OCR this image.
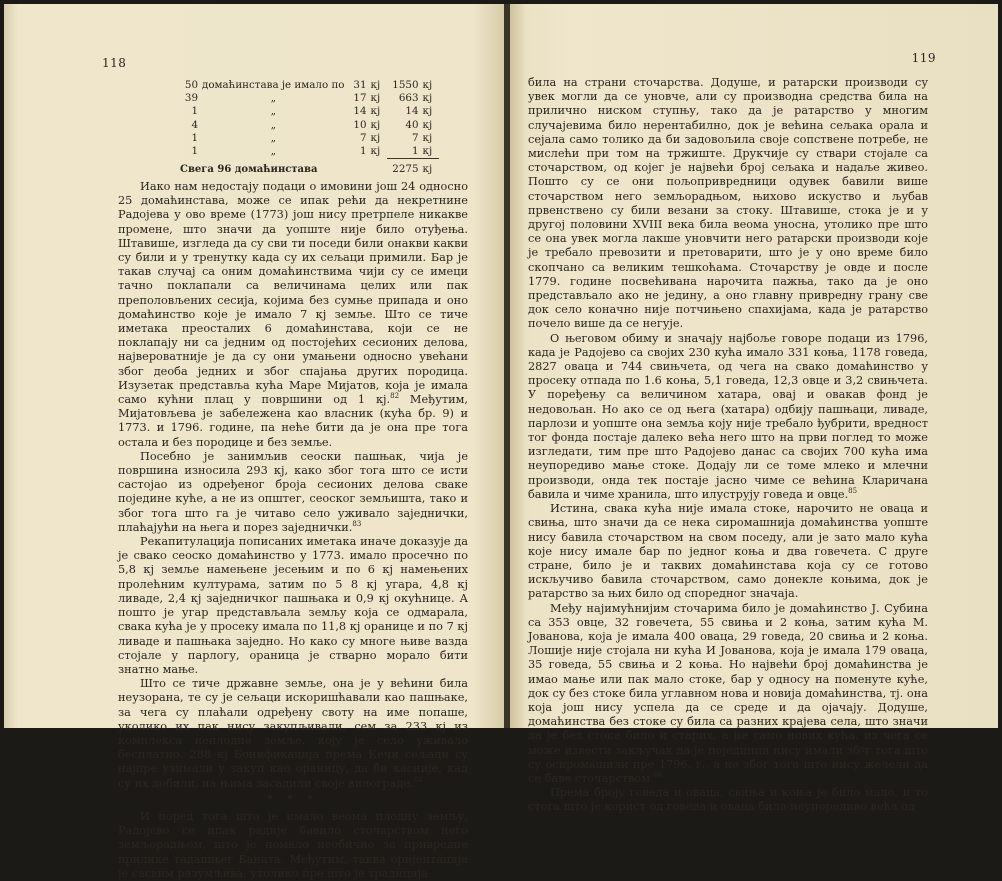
118	119
50	домаћинстава је имало по	31	кј	1550	кј
39	„	17	кј	663	кј
1	„	14	кј	14	кј
4	„	10	кј	40	кј
1	„	7	кј	7	кј
1	„	1	кј	1	кј
Свега 96 домаћинстава				2275	кј

Иако нам недостају подаци о имовини још 24 односно 25 домаћинстава, може се ипак рећи да некретнине Радојева у ово време (1773) још нису претрпеле никакве промене, што значи да уопште није било отуђења. Штавише, изгледа да су сви ти поседи били онакви какви су били и у тренутку када су их сељаци примили. Бар је такав случај са оним домаћинствима чији су се имеци тачно поклапали са величинама целих или пак преполовљених сесија, којима без сумње припада и оно домаћинство које је имало 7 кј земље. Што се тиче иметака преосталих 6 домаћинстава, који се не поклапају ни са једним од постојећих сесионих делова, највероватније је да су они умањени односно увећани због деоба једних и због спајања других породица. Изузетак представља кућа Маре Мијатов, која је имала само кућни плац у површини од 1 кј.$^{82}$ Међутим, Мијатовљева је забележена као власник (кућа бр. 9) и 1773. и 1796. године, па неће бити да је она пре тога остала и без породице и без земље.

Посебно је занимљив сеоски пашњак, чија је површина износила 293 кј, како због тога што се исти састојао из одређеног броја сесионих делова сваке поједине куће, а не из општег, сеоског земљишта, тако и због тога што га је читаво село уживало заједнички, плаћајући на њега и порез заједнички.$^{83}$

Рекапитулација пописаних иметака иначе доказује да је свако сеоско домаћинство у 1773. имало просечно по 5,8 кј земље намењене јесењим и по 6 кј намењених пролећним културама, затим по 5 8 кј угара, 4,8 кј ливаде, 2,4 кј заједничког пашњака и 0,9 кј окућнице. А пошто је угар представљала земљу која се одмарала, свака кућа је у просеку имала по 11,8 кј оранице и по 7 кј ливаде и пашњака заједно. Но како су многе њиве вазда стојале у парлогу, ораница је стварно морало бити знатно мање.

Што се тиче државне земље, она је у већини била неузорана, те су је сељаци искоришћавали као пашњаке, за чега су плаћали одређену своту на име попаше, уколико их пак нису закупљивали, сем за 233 кј из комплекса неплодне земље, коју је село уживало бесплатно. 288 кј Бонификација према Кечи сељаци су најпре узимали у закуп као ораницу, да би касније, кад су их добили, на њима засадили своје винограде.$^{84}$

* * *

И поред тога што је имало веома плодну земљу, Радојево се ипак радије бавило сточарством него земљорадњом, што је помало необично за привредне прилике тадашњег Баната. Међутим, таква оријентација је сасвим разумљива, утолико пре што је традиција

била на страни сточарства. Додуше, и ратарски производи су увек могли да се уновче, али су производна средства била на прилично ниском ступњу, тако да је ратарство у многим случајевима било нерентабилно, док је већина сељака орала и сејала само толико да би задовољила своје сопствене потребе, не мислећи при том на тржиште. Друкчије су ствари стојале са сточарством, од којег је највећи број сељака и надаље живео. Пошто су се они пољопривредници одувек бавили више сточарством него земљорадњом, њихово искуство и љубав првенствено су били везани за стоку. Штавише, стока је и у другој половини XVIII века била веома уносна, утолико пре што се она увек могла лакше уновчити него ратарски производи које је требало превозити и претоварити, што је у оно време било скопчано са великим тешкоћама. Сточарству је овде и после 1779. године посвећивана нарочита пажња, тако да је оно представљало ако не једину, а оно главну привредну грану све док село коначно није потчињено спахијама, када је ратарство почело више да се негује.

О његовом обиму и значају најбоље говоре подаци из 1796, када је Радојево са својих 230 кућа имало 331 коња, 1178 говеда, 2827 оваца и 744 свињчета, од чега на свако домаћинство у просеку отпада по 1.6 коња, 5,1 говеда, 12,3 овце и 3,2 свињчета. У поређењу са величином хатара, овај и овакав фонд је недовољан. Но ако се од њега (хатара) одбију пашњаци, ливаде, парлози и уопште она земља коју није требало ђубрити, вредност тог фонда постаје далеко већа него што на први поглед то може изгледати, тим пре што Радојево данас са својих 700 кућа има неупоредиво мање стоке. Додају ли се томе млеко и млечни производи, онда тек постаје јасно чиме се већина Кларичана бавила и чиме хранила, што илуструју говеда и овце.$^{85}$

Истина, свака кућа није имала стоке, нарочито не оваца и свиња, што значи да се нека сиромашнија домаћинства уопште нису бавила сточарством на свом поседу, али је зато мало кућа које нису имале бар по једног коња и два говечета. С друге стране, било је и таквих домаћинстава која су се готово искључиво бавила сточарством, само донекле коњима, док је ратарство за њих било од споредног значаја.

Међу најимућнијим сточарима било је домаћинство Ј. Субина са 353 овце, 32 говечета, 55 свиња и 2 коња, затим кућа М. Јованова, која је имала 400 оваца, 29 говеда, 20 свиња и 2 коња. Лошије није стојала ни кућа И Јованова, која је имала 179 оваца, 35 говеда, 55 свиња и 2 коња. Но највећи број домаћинства је имао мање или пак мало стоке, бар у односу на поменуте куће, док су без стоке била углавном нова и новија домаћинства, тј. она која још нису успела да се среде и да ојачају. Додуше, домаћинства без стоке су била са разних крајева села, што значи да је без стоке било и старих, а не само нових кућа, из чега се може извести закључак да је појединци нису имали збºг тога што су осиромашили пре 1796. г., а не због тога што нису желели да се баве сточарством.$^{86}$

Према броју говеда и оваца, свиња и коња је било мало, и то стога што је корист од говеда и оваца била неупоредиво већа од
